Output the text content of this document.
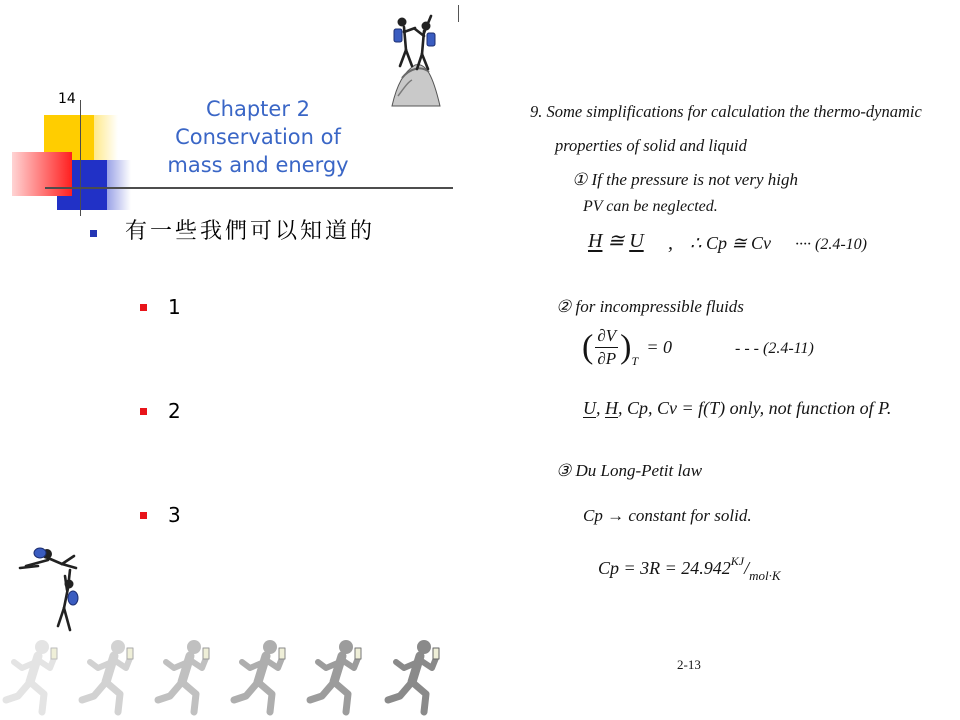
14	Chapter 2
Conservation of
mass and energy
有一些我們可以知道的
1
2
3
9. Some simplifications for calculation the thermo-dynamic
properties of solid and liquid
① If the pressure is not very high
PV can be neglected.
H ≅ U , ∴ Cp ≅ Cv ···· (2.4-10)
② for incompressible fluids
( $\frac{\partial V}{\partial P} )_T = 0$	- - - (2.4-11)
U, H, Cp, Cv = f(T) only, not function of P.
③ Du Long-Petit law
Cp → constant for solid.
$Cp = 3R = 24.942^{KJ}/_{mol\cdot K}$
2-13
